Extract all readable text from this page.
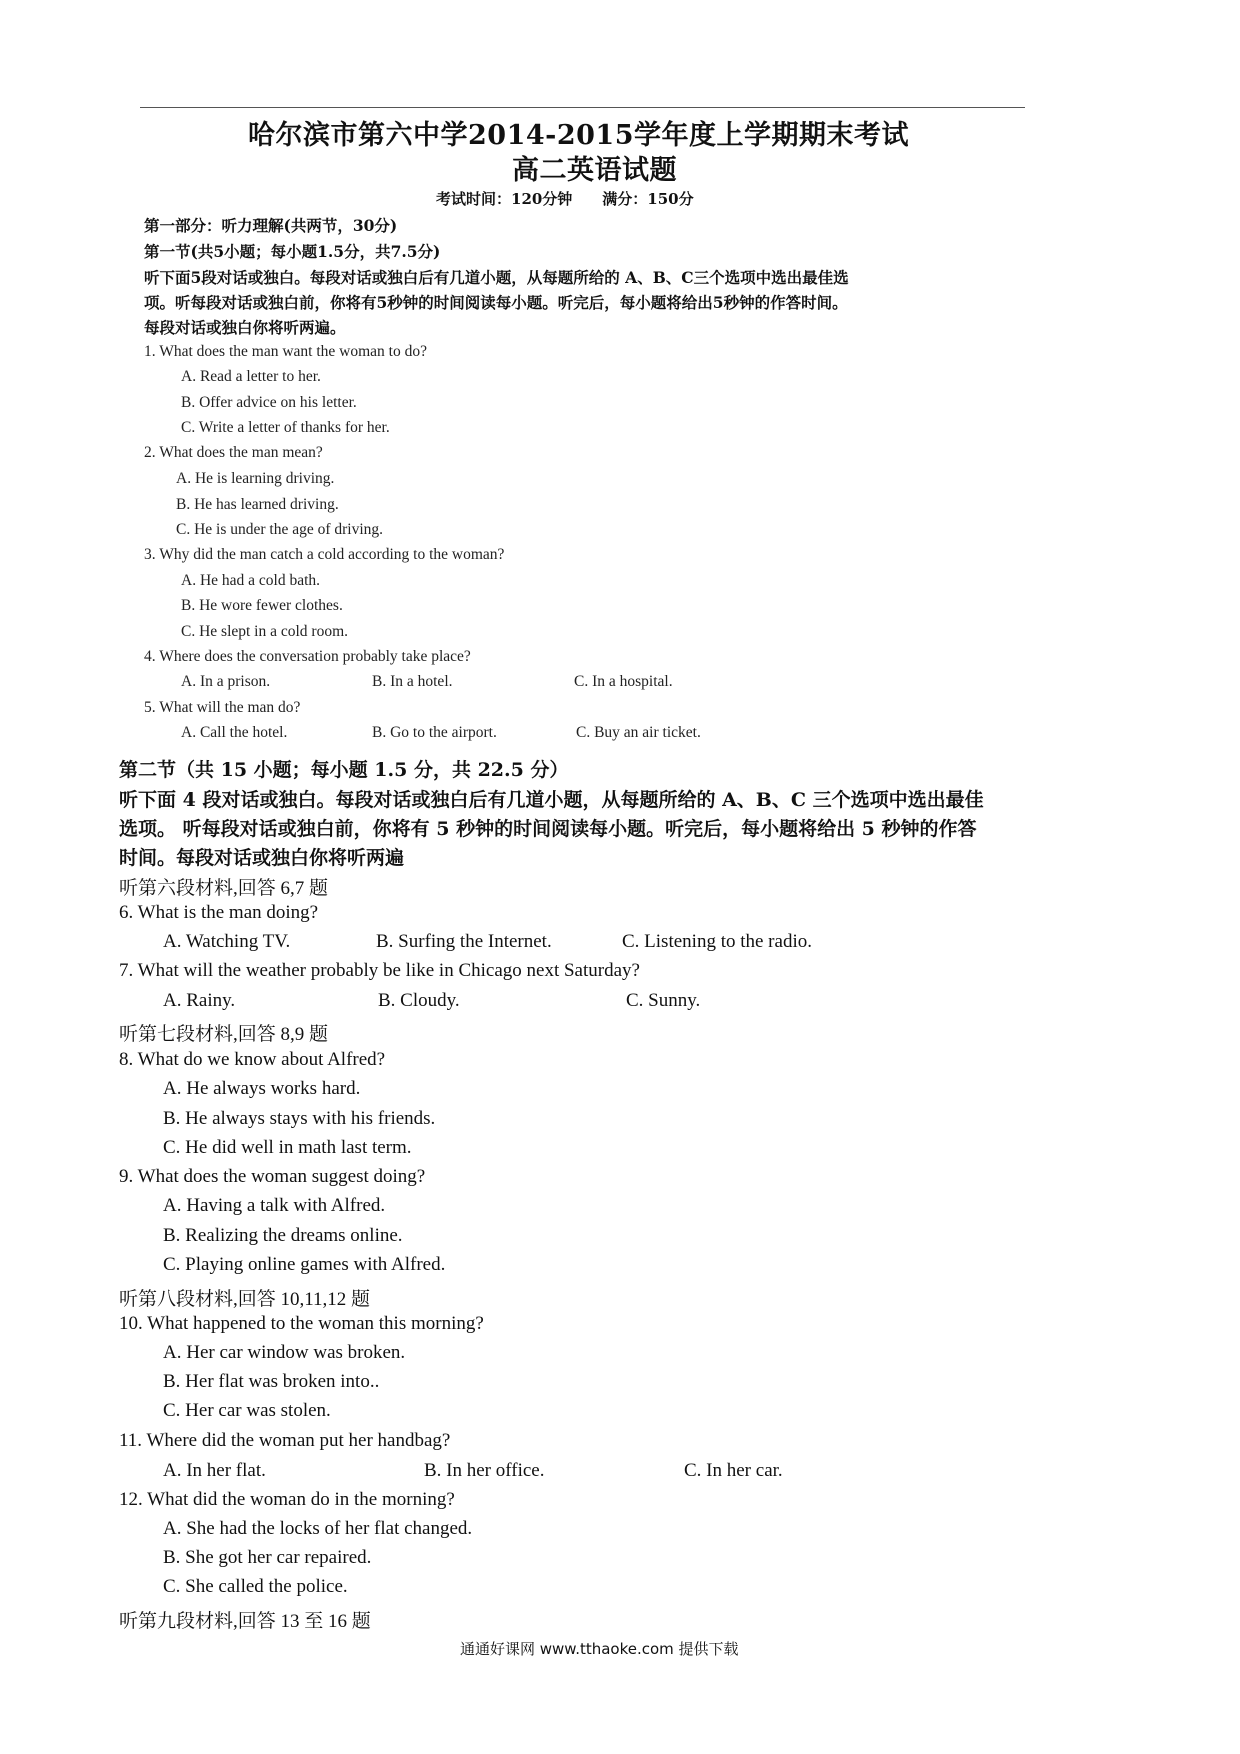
哈尔滨市第六中学2014-2015学年度上学期期末考试
高二英语试题
考试时间：120分钟　　满分：150分
第一部分：听力理解(共两节，30分)
第一节(共5小题；每小题1.5分，共7.5分)
听下面5段对话或独白。每段对话或独白后有几道小题，从每题所给的 A、B、C三个选项中选出最佳选
项。听每段对话或独白前，你将有5秒钟的时间阅读每小题。听完后，每小题将给出5秒钟的作答时间。
每段对话或独白你将听两遍。
1. What does the man want the woman to do?
A. Read a letter to her.
B. Offer advice on his letter.
C. Write a letter of thanks for her.
2. What does the man mean?
A. He is learning driving.
B. He has learned driving.
C. He is under the age of driving.
3. Why did the man catch a cold according to the woman?
A. He had a cold bath.
B. He wore fewer clothes.
C. He slept in a cold room.
4. Where does the conversation probably take place?
A. In a prison.	B. In a hotel.	C. In a hospital.
5. What will the man do?
A. Call the hotel.	B. Go to the airport.	C. Buy an air ticket.
第二节（共 15 小题；每小题 1.5 分，共 22.5 分）
听下面 4 段对话或独白。每段对话或独白后有几道小题，从每题所给的 A、B、C 三个选项中选出最佳
选项。 听每段对话或独白前，你将有 5 秒钟的时间阅读每小题。听完后，每小题将给出 5 秒钟的作答
时间。每段对话或独白你将听两遍
听第六段材料,回答 6,7 题
6. What is the man doing?
A. Watching TV.	B. Surfing the Internet.	C. Listening to the radio.
7. What will the weather probably be like in Chicago next Saturday?
A. Rainy.	B. Cloudy.	C. Sunny.
听第七段材料,回答 8,9 题
8. What do we know about Alfred?
A. He always works hard.
B. He always stays with his friends.
C. He did well in math last term.
9. What does the woman suggest doing?
A. Having a talk with Alfred.
B. Realizing the dreams online.
C. Playing online games with Alfred.
听第八段材料,回答 10,11,12 题
10. What happened to the woman this morning?
A. Her car window was broken.
B. Her flat was broken into..
C. Her car was stolen.
11. Where did the woman put her handbag?
A. In her flat.	B. In her office.	C. In her car.
12. What did the woman do in the morning?
A. She had the locks of her flat changed.
B. She got her car repaired.
C. She called the police.
听第九段材料,回答 13 至 16 题
通通好课网 www.tthaoke.com 提供下载
